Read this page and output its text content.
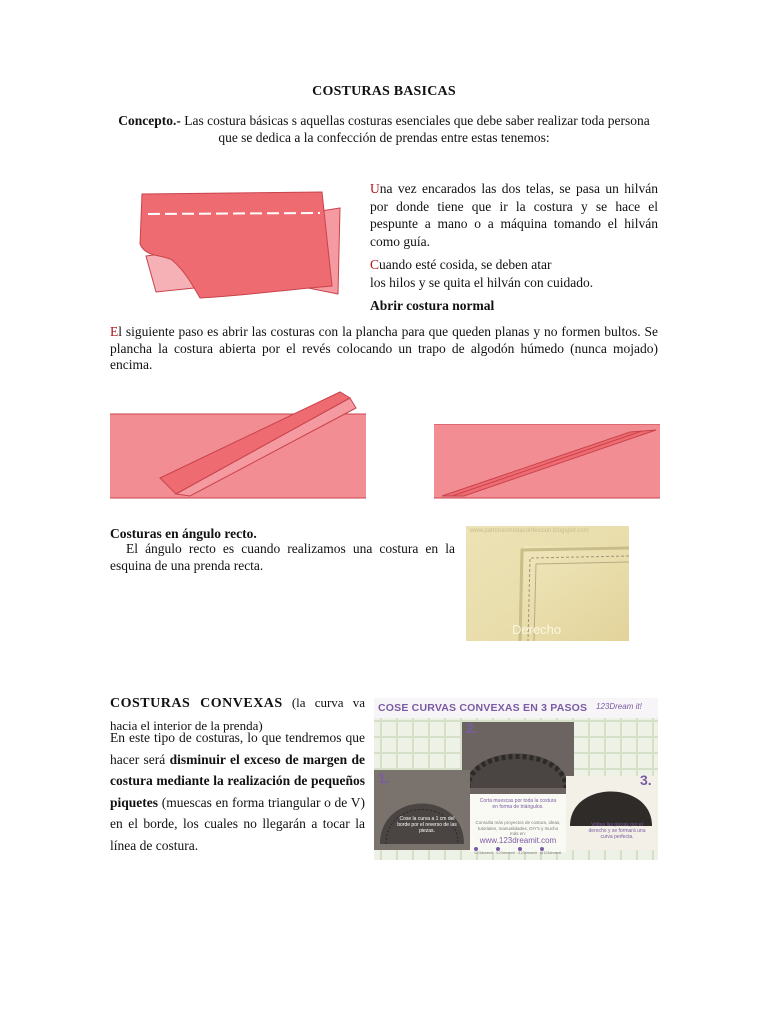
COSTURAS BASICAS
Concepto.- Las costura básicas s aquellas costuras esenciales que debe saber realizar toda persona que se dedica a la confección de prendas entre estas tenemos:
Una vez encarados las dos telas, se pasa un hilván por donde tiene que ir la costura y se hace el pespunte a mano o a máquina tomando el hilván como guía.
Cuando esté cosida, se deben atar
los hilos y se quita el hilván con cuidado.
Abrir costura normal
El siguiente paso es abrir las costuras con la plancha para que queden planas y no formen bultos. Se plancha la costura abierta por el revés colocando un trapo de algodón húmedo (nunca mojado) encima.
Costuras en ángulo recto.
El ángulo recto es cuando realizamos una costura en la esquina de una prenda recta.
www.patronesmodaconfeccion.blogspot.com
Derecho
COSTURAS CONVEXAS (la curva va hacia el interior de la prenda)
En este tipo de costuras, lo que tendremos que hacer será disminuir el exceso de margen de costura mediante la realización de pequeños piquetes (muescas en forma triangular o de V) en el borde, los cuales no llegarán a tocar la línea de costura.
COSE CURVAS CONVEXAS EN 3 PASOS 123Dream it!
2.
1.	3.
Cose la curva a 1 cm del borde por el reverso de las piezas.
Corta muescas por toda la costura en forma de triángulos.
Voltea las piezas por el derecho y se formará una curva perfecta.
Consulta más proyectos de costura, ideas, tutoriales, manualidades, DIY's y mucho más en:
www.123dreamit.com
/123dreamit /123dreamit /123dreamit @123dreamit
